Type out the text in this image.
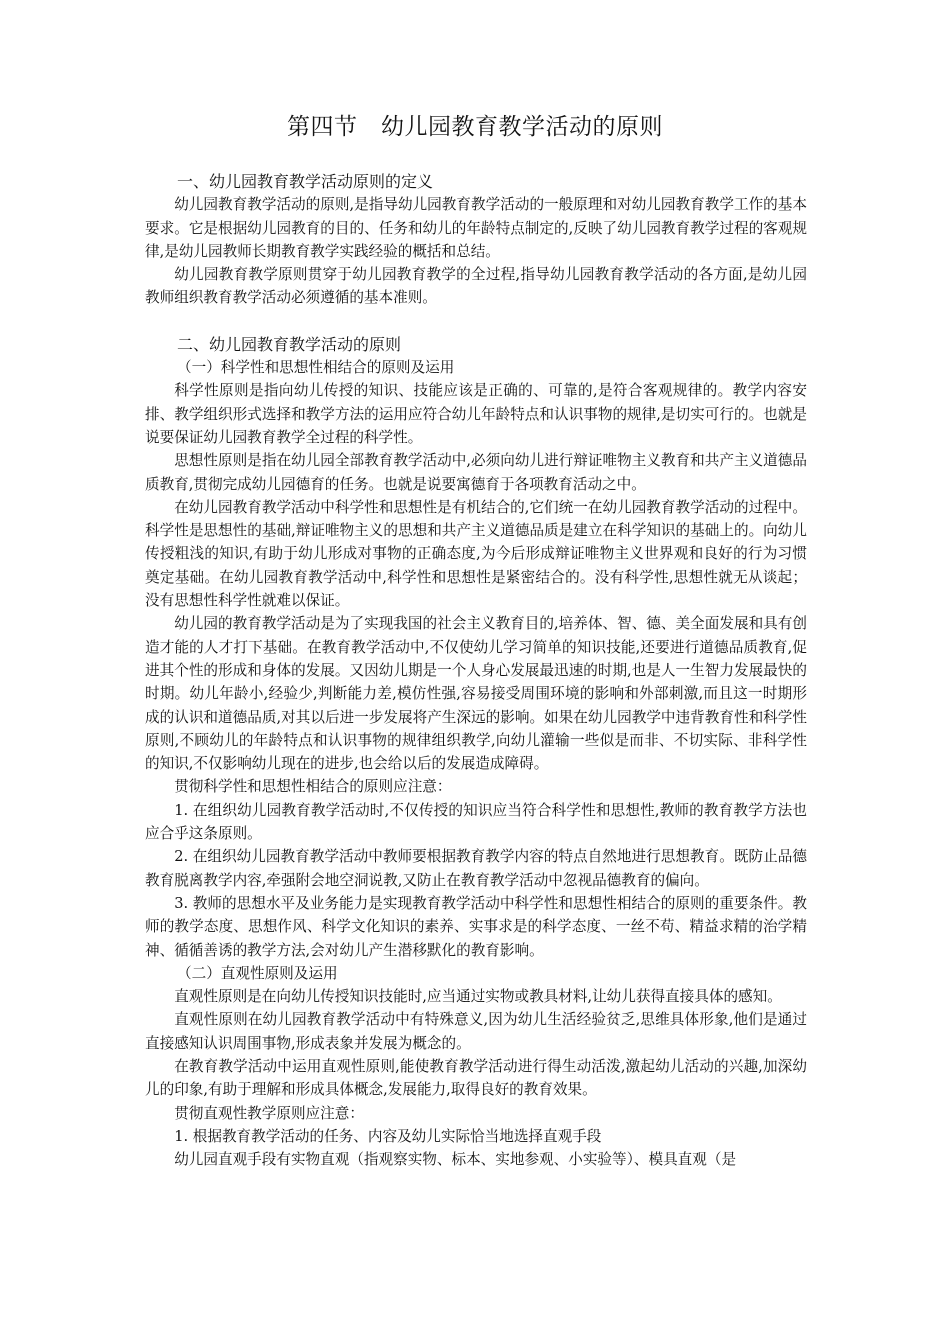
第四节　幼儿园教育教学活动的原则
一、幼儿园教育教学活动原则的定义

幼儿园教育教学活动的原则,是指导幼儿园教育教学活动的一般原理和对幼儿园教育教学工作的基本要求。它是根据幼儿园教育的目的、任务和幼儿的年龄特点制定的,反映了幼儿园教育教学过程的客观规律,是幼儿园教师长期教育教学实践经验的概括和总结。

幼儿园教育教学原则贯穿于幼儿园教育教学的全过程,指导幼儿园教育教学活动的各方面,是幼儿园教师组织教育教学活动必须遵循的基本准则。

二、幼儿园教育教学活动的原则
（一）科学性和思想性相结合的原则及运用

科学性原则是指向幼儿传授的知识、技能应该是正确的、可靠的,是符合客观规律的。教学内容安排、教学组织形式选择和教学方法的运用应符合幼儿年龄特点和认识事物的规律,是切实可行的。也就是说要保证幼儿园教育教学全过程的科学性。

思想性原则是指在幼儿园全部教育教学活动中,必须向幼儿进行辩证唯物主义教育和共产主义道德品质教育,贯彻完成幼儿园德育的任务。也就是说要寓德育于各项教育活动之中。

在幼儿园教育教学活动中科学性和思想性是有机结合的,它们统一在幼儿园教育教学活动的过程中。科学性是思想性的基础,辩证唯物主义的思想和共产主义道德品质是建立在科学知识的基础上的。向幼儿传授粗浅的知识,有助于幼儿形成对事物的正确态度,为今后形成辩证唯物主义世界观和良好的行为习惯奠定基础。在幼儿园教育教学活动中,科学性和思想性是紧密结合的。没有科学性,思想性就无从谈起；没有思想性科学性就难以保证。

幼儿园的教育教学活动是为了实现我国的社会主义教育目的,培养体、智、德、美全面发展和具有创造才能的人才打下基础。在教育教学活动中,不仅使幼儿学习简单的知识技能,还要进行道德品质教育,促进其个性的形成和身体的发展。又因幼儿期是一个人身心发展最迅速的时期,也是人一生智力发展最快的时期。幼儿年龄小,经验少,判断能力差,模仿性强,容易接受周围环境的影响和外部刺激,而且这一时期形成的认识和道德品质,对其以后进一步发展将产生深远的影响。如果在幼儿园教学中违背教育性和科学性原则,不顾幼儿的年龄特点和认识事物的规律组织教学,向幼儿灌输一些似是而非、不切实际、非科学性的知识,不仅影响幼儿现在的进步,也会给以后的发展造成障碍。

贯彻科学性和思想性相结合的原则应注意：

1. 在组织幼儿园教育教学活动时,不仅传授的知识应当符合科学性和思想性,教师的教育教学方法也应合乎这条原则。

2. 在组织幼儿园教育教学活动中教师要根据教育教学内容的特点自然地进行思想教育。既防止品德教育脱离教学内容,牵强附会地空洞说教,又防止在教育教学活动中忽视品德教育的偏向。

3. 教师的思想水平及业务能力是实现教育教学活动中科学性和思想性相结合的原则的重要条件。教师的教学态度、思想作风、科学文化知识的素养、实事求是的科学态度、一丝不苟、精益求精的治学精神、循循善诱的教学方法,会对幼儿产生潜移默化的教育影响。

（二）直观性原则及运用

直观性原则是在向幼儿传授知识技能时,应当通过实物或教具材料,让幼儿获得直接具体的感知。

直观性原则在幼儿园教育教学活动中有特殊意义,因为幼儿生活经验贫乏,思维具体形象,他们是通过直接感知认识周围事物,形成表象并发展为概念的。

在教育教学活动中运用直观性原则,能使教育教学活动进行得生动活泼,激起幼儿活动的兴趣,加深幼儿的印象,有助于理解和形成具体概念,发展能力,取得良好的教育效果。

贯彻直观性教学原则应注意：

1. 根据教育教学活动的任务、内容及幼儿实际恰当地选择直观手段

幼儿园直观手段有实物直观（指观察实物、标本、实地参观、小实验等）、模具直观（是
